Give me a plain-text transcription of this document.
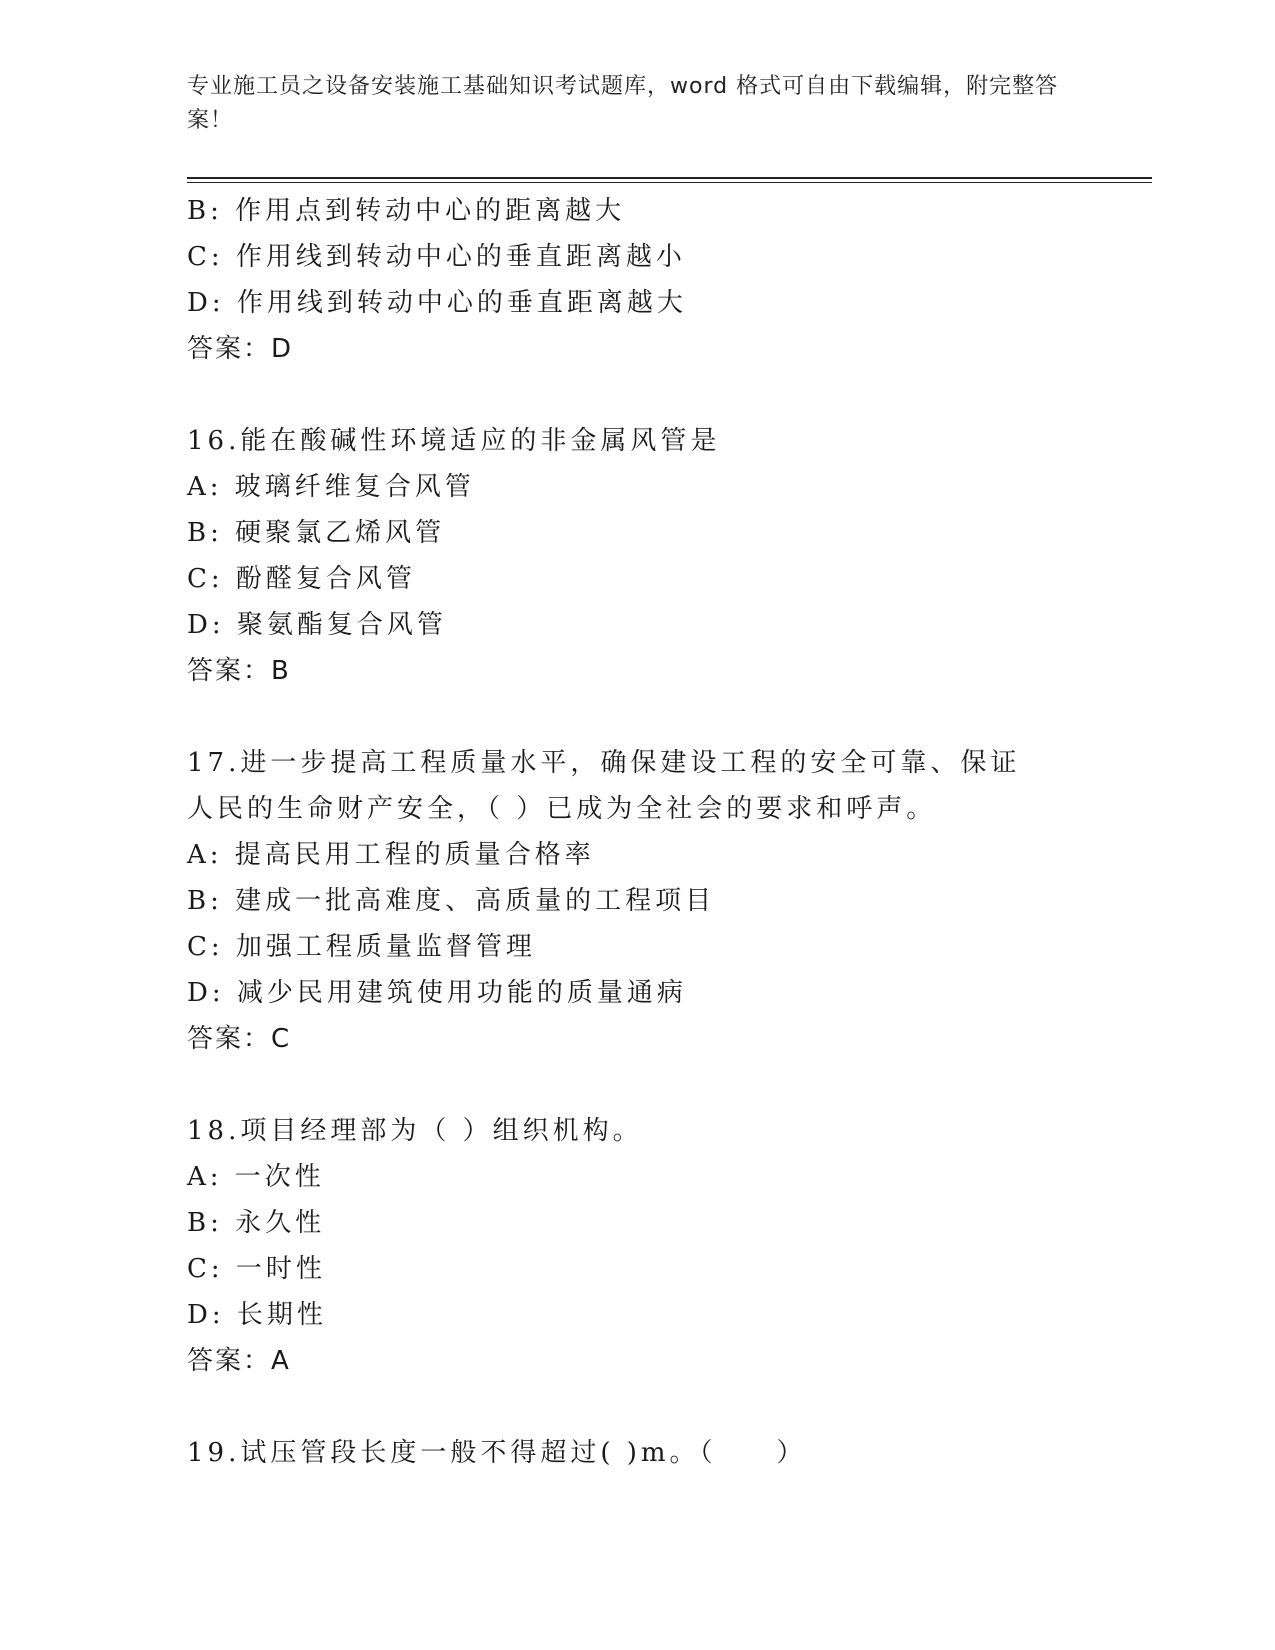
专业施工员之设备安装施工基础知识考试题库，word 格式可自由下载编辑，附完整答案！
B: 作用点到转动中心的距离越大
C: 作用线到转动中心的垂直距离越小
D: 作用线到转动中心的垂直距离越大
答案：D
16.能在酸碱性环境适应的非金属风管是
A: 玻璃纤维复合风管
B: 硬聚氯乙烯风管
C: 酚醛复合风管
D: 聚氨酯复合风管
答案：B
17.进一步提高工程质量水平，确保建设工程的安全可靠、保证人民的生命财产安全，（ ）已成为全社会的要求和呼声。
A: 提高民用工程的质量合格率
B: 建成一批高难度、高质量的工程项目
C: 加强工程质量监督管理
D: 减少民用建筑使用功能的质量通病
答案：C
18.项目经理部为（ ）组织机构。
A: 一次性
B: 永久性
C: 一时性
D: 长期性
答案：A
19.试压管段长度一般不得超过( )m。（　　）
